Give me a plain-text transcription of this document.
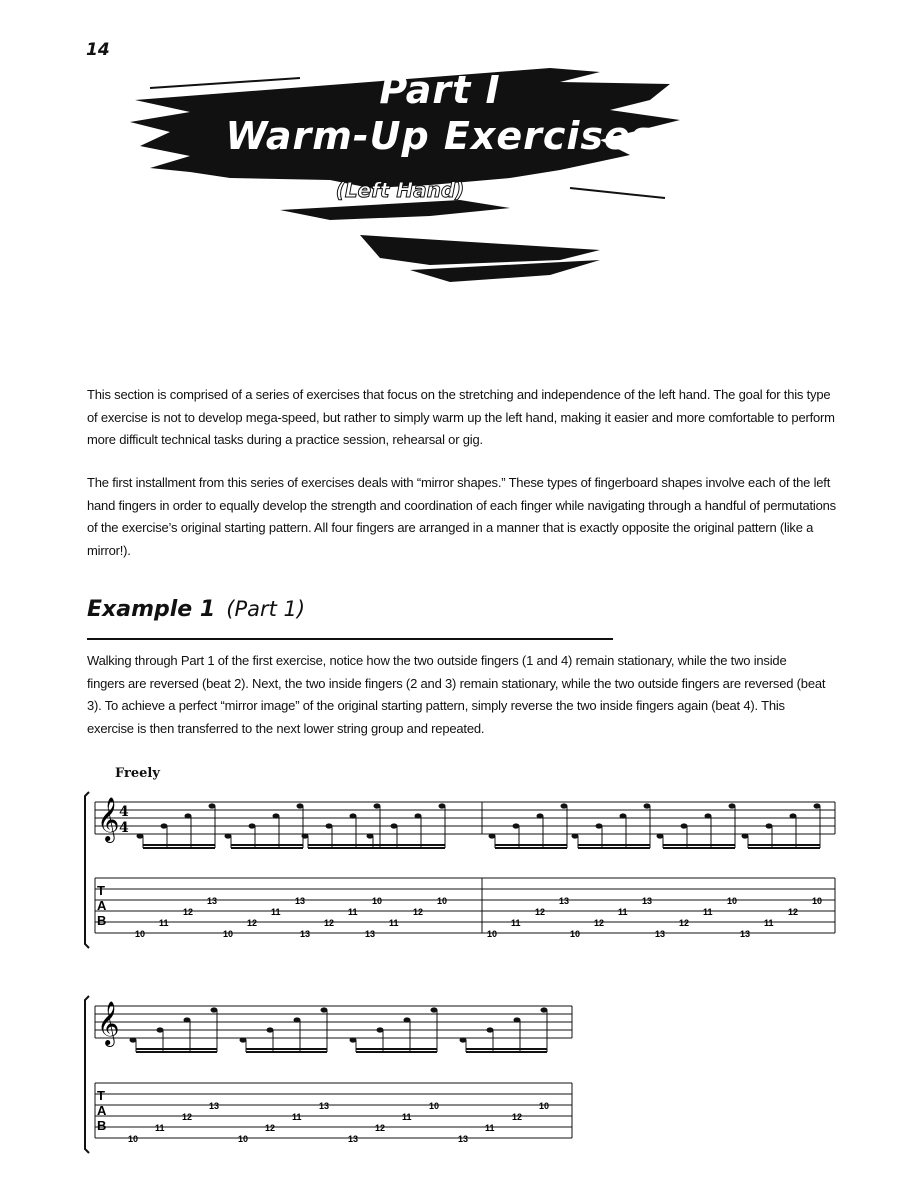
14
Part I
Warm-Up Exercises
(Left Hand)
This section is comprised of a series of exercises that focus on the stretching and independence of the left hand. The goal for this type of exercise is not to develop mega-speed, but rather to simply warm up the left hand, making it easier and more comfortable to perform more difficult technical tasks during a practice session, rehearsal or gig.
The first installment from this series of exercises deals with “mirror shapes.” These types of fingerboard shapes involve each of the left hand fingers in order to equally develop the strength and coordination of each finger while navigating through a handful of permutations of the exercise’s original starting pattern. All four fingers are arranged in a manner that is exactly opposite the original pattern (like a mirror!).
Example 1 (Part 1)
Walking through Part 1 of the first exercise, notice how the two outside fingers (1 and 4) remain stationary, while the two inside fingers are reversed (beat 2). Next, the two inside fingers (2 and 3) remain stationary, while the two outside fingers are reversed (beat 3). To achieve a perfect “mirror image” of the original starting pattern, simply reverse the two inside fingers again (beat 4). This exercise is then transferred to the next lower string group and repeated.
Freely
𝄞 4
4
T
A
B
10
11
12
13
10
12
11
13
13
12
11
10
13
11
12
10
10
11
12
13
10
12
11
13
13
12
11
10
13
11
12
10
𝄞
T
A
B
10
11
12
13
10
12
11
13
13
12
11
10
13
11
12
10
